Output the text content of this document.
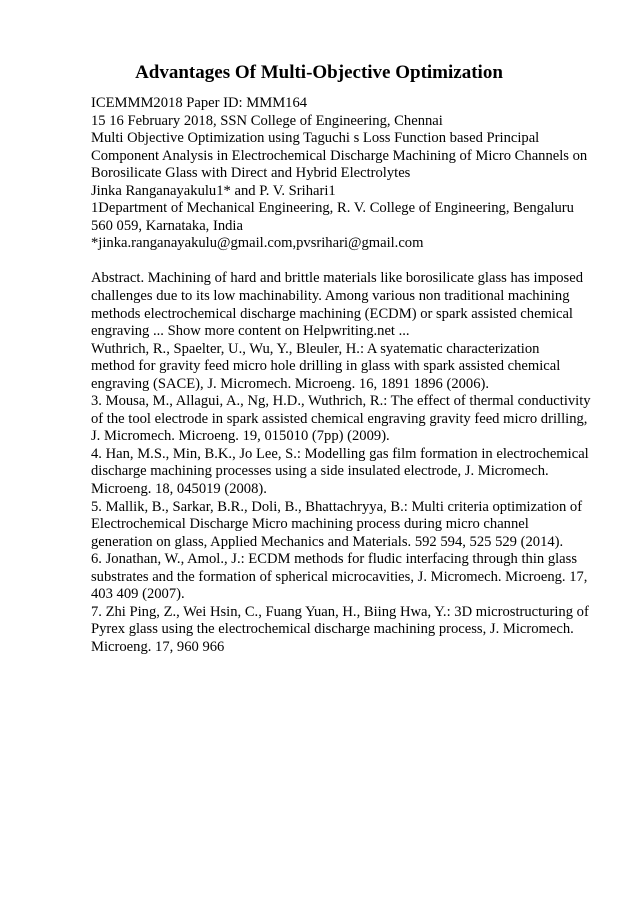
Advantages Of Multi-Objective Optimization
ICEMMM2018 Paper ID: MMM164
15 16 February 2018, SSN College of Engineering, Chennai
Multi Objective Optimization using Taguchi s Loss Function based Principal
Component Analysis in Electrochemical Discharge Machining of Micro Channels on
Borosilicate Glass with Direct and Hybrid Electrolytes
Jinka Ranganayakulu1* and P. V. Srihari1
1Department of Mechanical Engineering, R. V. College of Engineering, Bengaluru
560 059, Karnataka, India
*jinka.ranganayakulu@gmail.com,pvsrihari@gmail.com
Abstract. Machining of hard and brittle materials like borosilicate glass has imposed
challenges due to its low machinability. Among various non traditional machining
methods electrochemical discharge machining (ECDM) or spark assisted chemical
engraving ... Show more content on Helpwriting.net ...
Wuthrich, R., Spaelter, U., Wu, Y., Bleuler, H.: A syatematic characterization
method for gravity feed micro hole drilling in glass with spark assisted chemical
engraving (SACE), J. Micromech. Microeng. 16, 1891 1896 (2006).
3. Mousa, M., Allagui, A., Ng, H.D., Wuthrich, R.: The effect of thermal conductivity
of the tool electrode in spark assisted chemical engraving gravity feed micro drilling,
J. Micromech. Microeng. 19, 015010 (7pp) (2009).
4. Han, M.S., Min, B.K., Jo Lee, S.: Modelling gas film formation in electrochemical
discharge machining processes using a side insulated electrode, J. Micromech.
Microeng. 18, 045019 (2008).
5. Mallik, B., Sarkar, B.R., Doli, B., Bhattachryya, B.: Multi criteria optimization of
Electrochemical Discharge Micro machining process during micro channel
generation on glass, Applied Mechanics and Materials. 592 594, 525 529 (2014).
6. Jonathan, W., Amol., J.: ECDM methods for fludic interfacing through thin glass
substrates and the formation of spherical microcavities, J. Micromech. Microeng. 17,
403 409 (2007).
7. Zhi Ping, Z., Wei Hsin, C., Fuang Yuan, H., Biing Hwa, Y.: 3D microstructuring of
Pyrex glass using the electrochemical discharge machining process, J. Micromech.
Microeng. 17, 960 966
